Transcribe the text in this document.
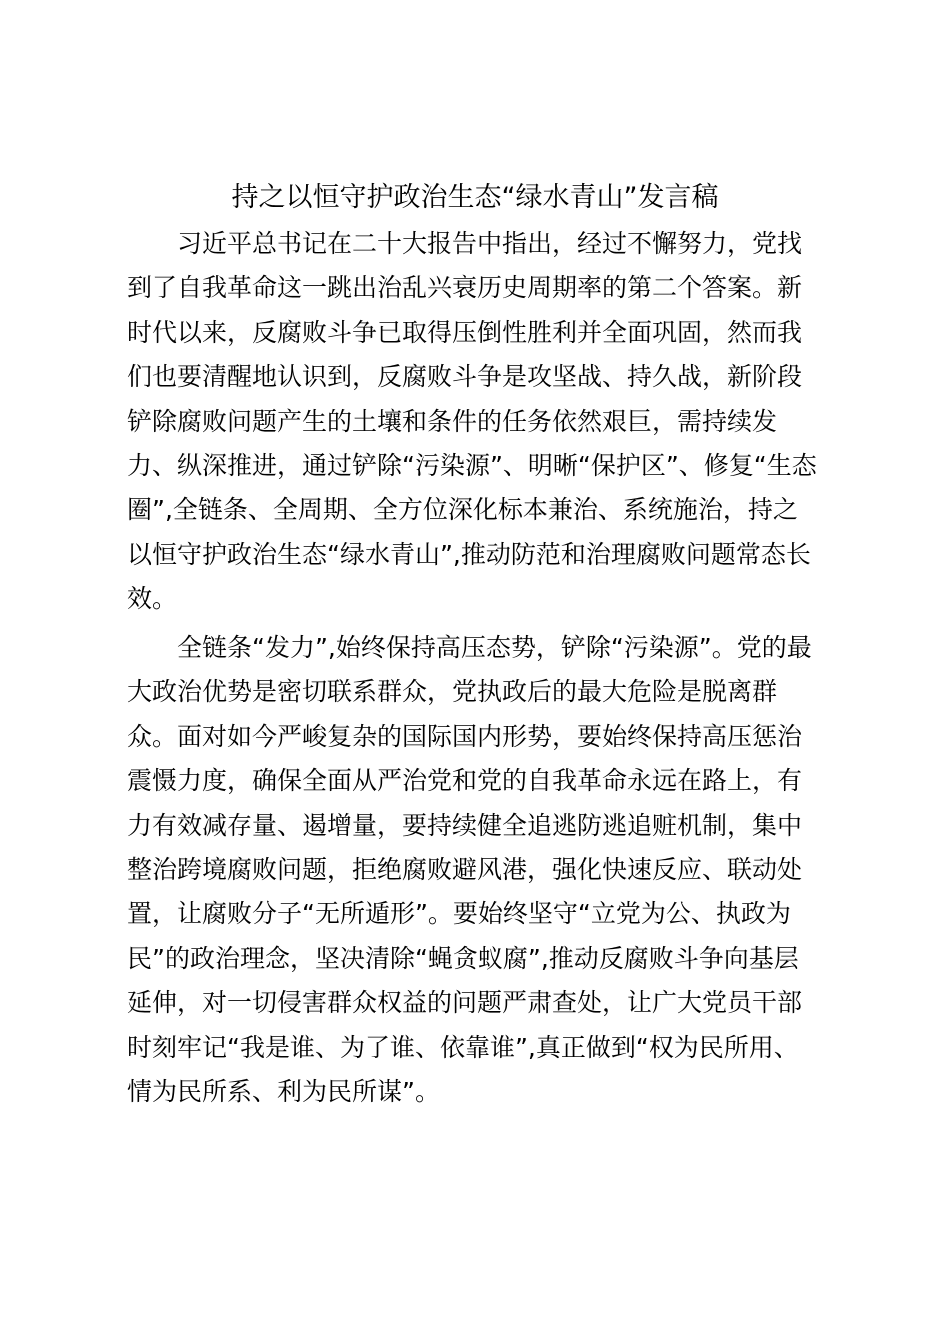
持之以恒守护政治生态“绿水青山”发言稿
习近平总书记在二十大报告中指出，经过不懈努力，党找
到了自我革命这一跳出治乱兴衰历史周期率的第二个答案。新
时代以来，反腐败斗争已取得压倒性胜利并全面巩固，然而我
们也要清醒地认识到，反腐败斗争是攻坚战、持久战，新阶段
铲除腐败问题产生的土壤和条件的任务依然艰巨，需持续发
力、纵深推进，通过铲除“污染源”、明晰“保护区”、修复“生态
圈”,全链条、全周期、全方位深化标本兼治、系统施治，持之
以恒守护政治生态“绿水青山”,推动防范和治理腐败问题常态长
效。
全链条“发力”,始终保持高压态势，铲除“污染源”。党的最
大政治优势是密切联系群众，党执政后的最大危险是脱离群
众。面对如今严峻复杂的国际国内形势，要始终保持高压惩治
震慑力度，确保全面从严治党和党的自我革命永远在路上，有
力有效减存量、遏增量，要持续健全追逃防逃追赃机制，集中
整治跨境腐败问题，拒绝腐败避风港，强化快速反应、联动处
置，让腐败分子“无所遁形”。要始终坚守“立党为公、执政为
民”的政治理念，坚决清除“蝇贪蚁腐”,推动反腐败斗争向基层
延伸，对一切侵害群众权益的问题严肃查处，让广大党员干部
时刻牢记“我是谁、为了谁、依靠谁”,真正做到“权为民所用、
情为民所系、利为民所谋”。
